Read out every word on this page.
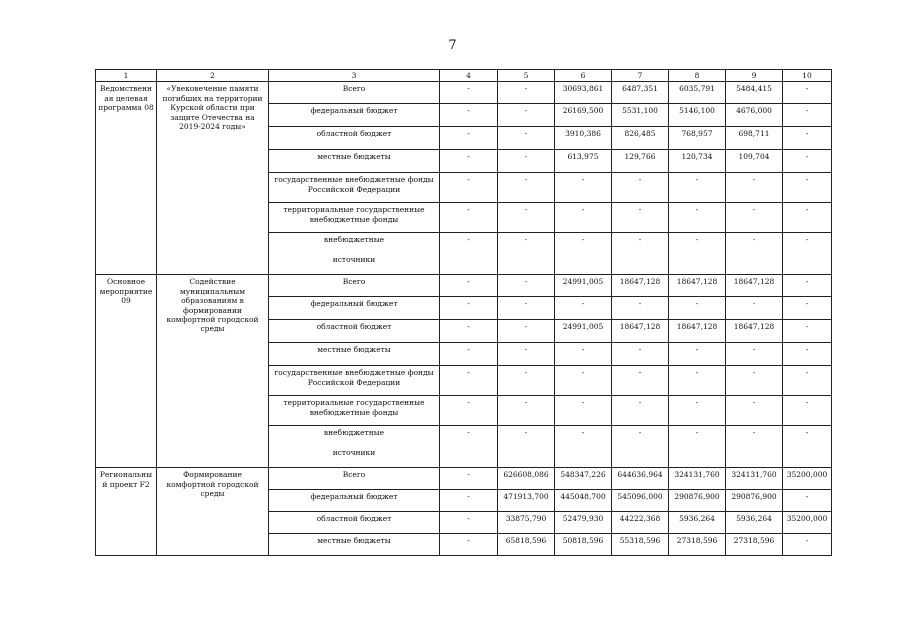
7
1	2	3	4	5	6	7	8	9	10
Ведомственн ая целевая программа 08	«Увековечение памяти погибших на территории Курской области при защите Отечества на 2019-2024 годы»	Всего	-	-	30693,861	6487,351	6035,791	5484,415	-

		федеральный бюджет	-	-	26169,500	5531,100	5146,100	4676,000	-

		областной бюджет	-	-	3910,386	826,485	768,957	698,711	-

		местные бюджеты	-	-	613,975	129,766	120,734	109,704	-

		государственные внебюджетные фонды Российской Федерации	-	-	-	-	-	-	-

		территориальные государственные внебюджетные фонды	-	-	-	-	-	-	-

		внебюджетные
источники	-	-	-	-	-	-	-
Основное мероприятие 09	Содействие муниципальным образованиям в формировании комфортной городской среды	Всего	-	-	24991,005	18647,128	18647,128	18647,128	-

		федеральный бюджет	-	-	-	-	-	-	-

		областной бюджет	-	-	24991,005	18647,128	18647,128	18647,128	-

		местные бюджеты	-	-	-	-	-	-	-

		государственные внебюджетные фонды Российской Федерации	-	-	-	-	-	-	-

		территориальные государственные внебюджетные фонды	-	-	-	-	-	-	-

		внебюджетные
источники	-	-	-	-	-	-	-
Региональны й проект F2	Формирование комфортной городской среды	Всего	-	626608,086	548347,226	644636,964	324131,760	324131,760	35200,000

		федеральный бюджет	-	471913,700	445048,700	545096,000	290876,900	290876,900	-

		областной бюджет	-	33875,790	52479,930	44222,368	5936,264	5936,264	35200,000

		местные бюджеты	-	65818,596	50818,596	55318,596	27318,596	27318,596	-
